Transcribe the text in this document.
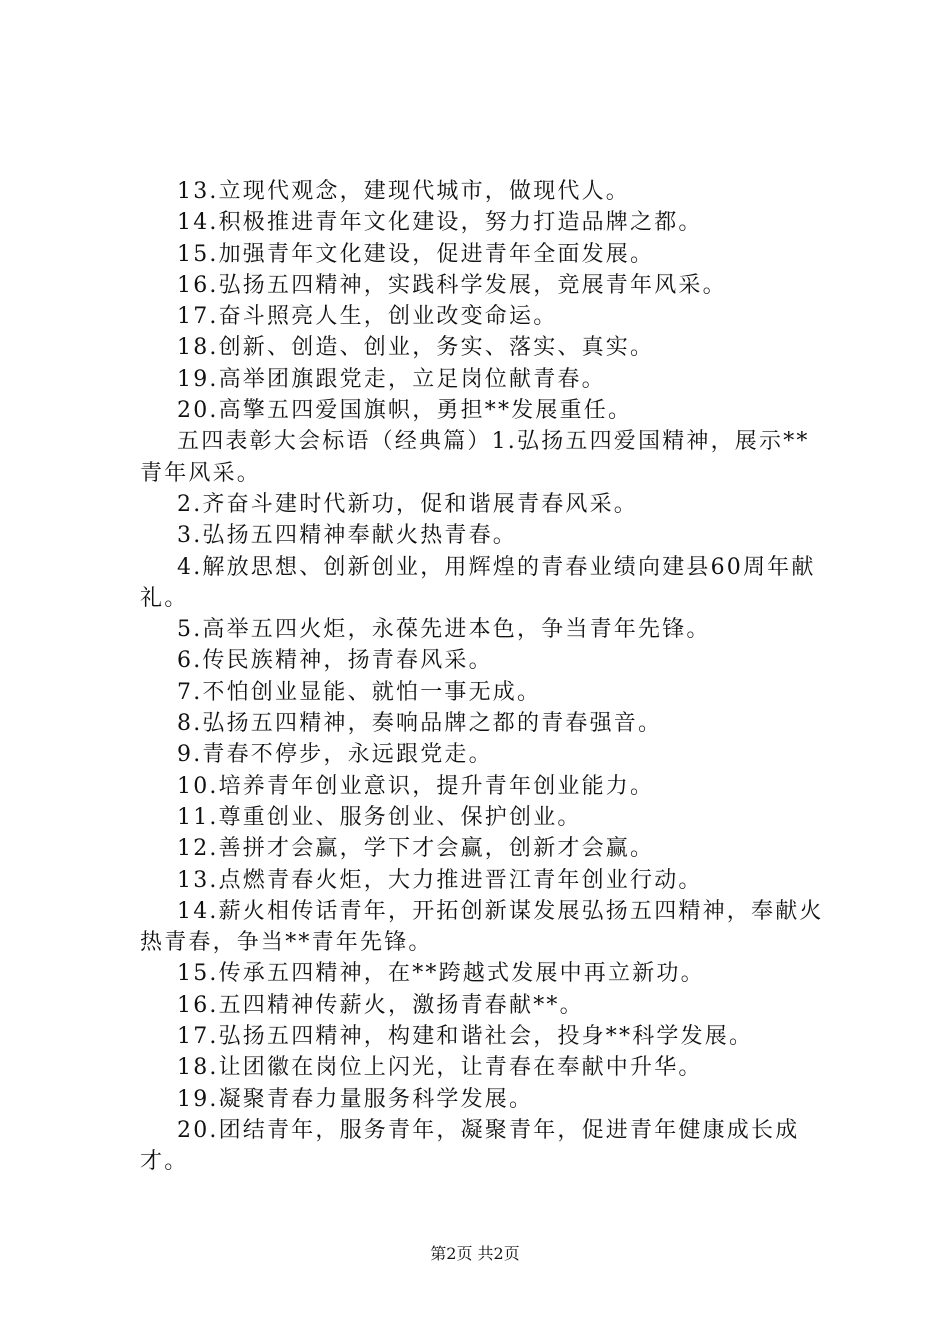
13.立现代观念，建现代城市，做现代人。

14.积极推进青年文化建设，努力打造品牌之都。

15.加强青年文化建设，促进青年全面发展。

16.弘扬五四精神，实践科学发展，竞展青年风采。

17.奋斗照亮人生，创业改变命运。

18.创新、创造、创业，务实、落实、真实。

19.高举团旗跟党走，立足岗位献青春。

20.高擎五四爱国旗帜，勇担**发展重任。

五四表彰大会标语（经典篇）1.弘扬五四爱国精神，展示**青年风采。

2.齐奋斗建时代新功，促和谐展青春风采。

3.弘扬五四精神奉献火热青春。

4.解放思想、创新创业，用辉煌的青春业绩向建县60周年献礼。

5.高举五四火炬，永葆先进本色，争当青年先锋。

6.传民族精神，扬青春风采。

7.不怕创业显能、就怕一事无成。

8.弘扬五四精神，奏响品牌之都的青春强音。

9.青春不停步，永远跟党走。

10.培养青年创业意识，提升青年创业能力。

11.尊重创业、服务创业、保护创业。

12.善拼才会赢，学下才会赢，创新才会赢。

13.点燃青春火炬，大力推进晋江青年创业行动。

14.薪火相传话青年，开拓创新谋发展弘扬五四精神，奉献火热青春，争当**青年先锋。

15.传承五四精神，在**跨越式发展中再立新功。

16.五四精神传薪火，激扬青春献**。

17.弘扬五四精神，构建和谐社会，投身**科学发展。

18.让团徽在岗位上闪光，让青春在奉献中升华。

19.凝聚青春力量服务科学发展。

20.团结青年，服务青年，凝聚青年，促进青年健康成长成才。

第2页 共2页
